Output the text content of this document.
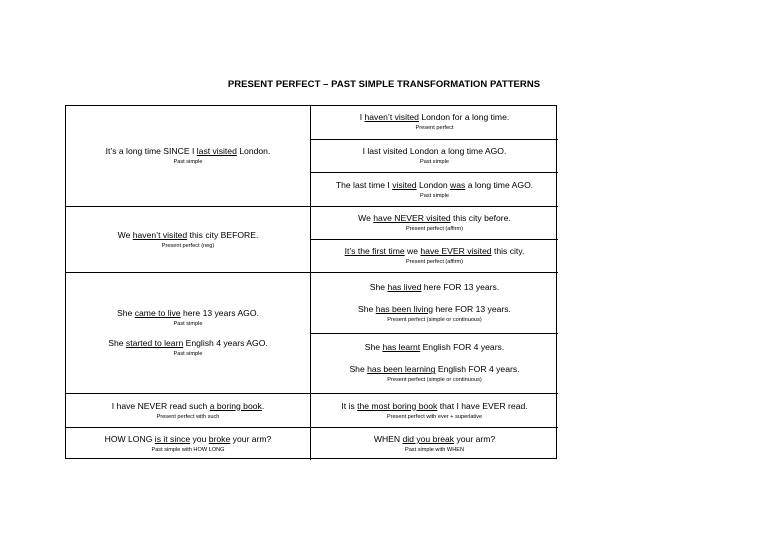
PRESENT PERFECT – PAST SIMPLE TRANSFORMATION PATTERNS
It’s a long time SINCE I last visited London.
Past simple
I haven’t visited London for a long time.
Present perfect
I last visited London a long time AGO.
Past simple
The last time I visited London was a long time AGO.
Past simple
We haven’t visited this city BEFORE.
Present perfect (neg)
We have NEVER visited this city before.
Present perfect (affirm)
It’s the first time we have EVER visited this city.
Present perfect (affirm)
She came to live here 13 years AGO.
Past simple
She started to learn English 4 years AGO.
Past simple
She has lived here FOR 13 years.
She has been living here FOR 13 years.
Present perfect (simple or continuous)
She has learnt English FOR 4 years.
She has been learning English FOR 4 years.
Present perfect (simple or continuous)
I have NEVER read such a boring book.
Present perfect with such
It is the most boring book that I have EVER read.
Present perfect with ever + superlative
HOW LONG is it since you broke your arm?
Past simple with HOW LONG
WHEN did you break your arm?
Past simple with WHEN
